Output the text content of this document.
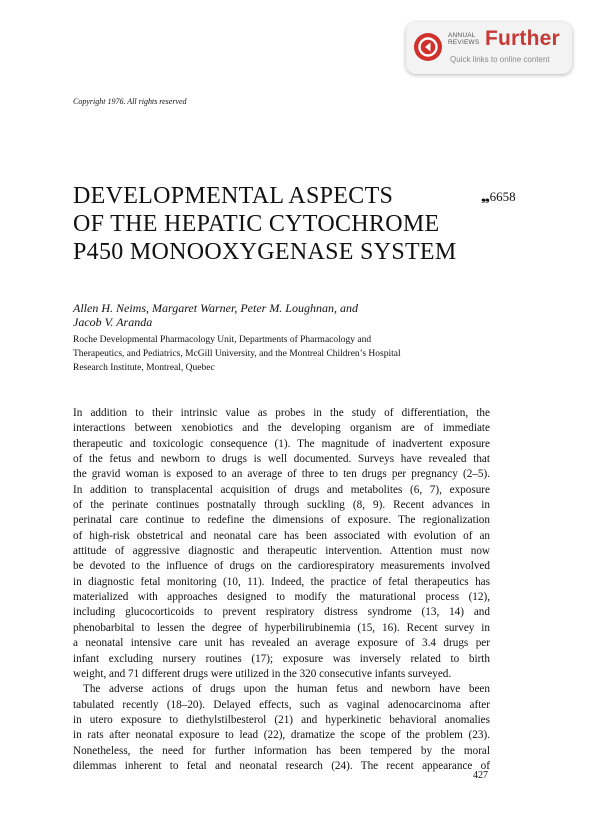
ANNUAL
REVIEWS Further
Quick links to online content
Copyright 1976. All rights reserved
DEVELOPMENTAL ASPECTS
OF THE HEPATIC CYTOCHROME
P450 MONOOXYGENASE SYSTEM
❠6658
Allen H. Neims, Margaret Warner, Peter M. Loughnan, and
Jacob V. Aranda
Roche Developmental Pharmacology Unit, Departments of Pharmacology and
Therapeutics, and Pediatrics, McGill University, and the Montreal Children’s Hospital
Research Institute, Montreal, Quebec
In addition to their intrinsic value as probes in the study of differentiation, the
interactions between xenobiotics and the developing organism are of immediate
therapeutic and toxicologic consequence (1). The magnitude of inadvertent exposure
of the fetus and newborn to drugs is well documented. Surveys have revealed that
the gravid woman is exposed to an average of three to ten drugs per pregnancy (2–5).
In addition to transplacental acquisition of drugs and metabolites (6, 7), exposure
of the perinate continues postnatally through suckling (8, 9). Recent advances in
perinatal care continue to redefine the dimensions of exposure. The regionalization
of high-risk obstetrical and neonatal care has been associated with evolution of an
attitude of aggressive diagnostic and therapeutic intervention. Attention must now
be devoted to the influence of drugs on the cardiorespiratory measurements involved
in diagnostic fetal monitoring (10, 11). Indeed, the practice of fetal therapeutics has
materialized with approaches designed to modify the maturational process (12),
including glucocorticoids to prevent respiratory distress syndrome (13, 14) and
phenobarbital to lessen the degree of hyperbilirubinemia (15, 16). Recent survey in
a neonatal intensive care unit has revealed an average exposure of 3.4 drugs per
infant excluding nursery routines (17); exposure was inversely related to birth
weight, and 71 different drugs were utilized in the 320 consecutive infants surveyed.
The adverse actions of drugs upon the human fetus and newborn have been
tabulated recently (18–20). Delayed effects, such as vaginal adenocarcinoma after
in utero exposure to diethylstilbesterol (21) and hyperkinetic behavioral anomalies
in rats after neonatal exposure to lead (22), dramatize the scope of the problem (23).
Nonetheless, the need for further information has been tempered by the moral
dilemmas inherent to fetal and neonatal research (24). The recent appearance of
427
